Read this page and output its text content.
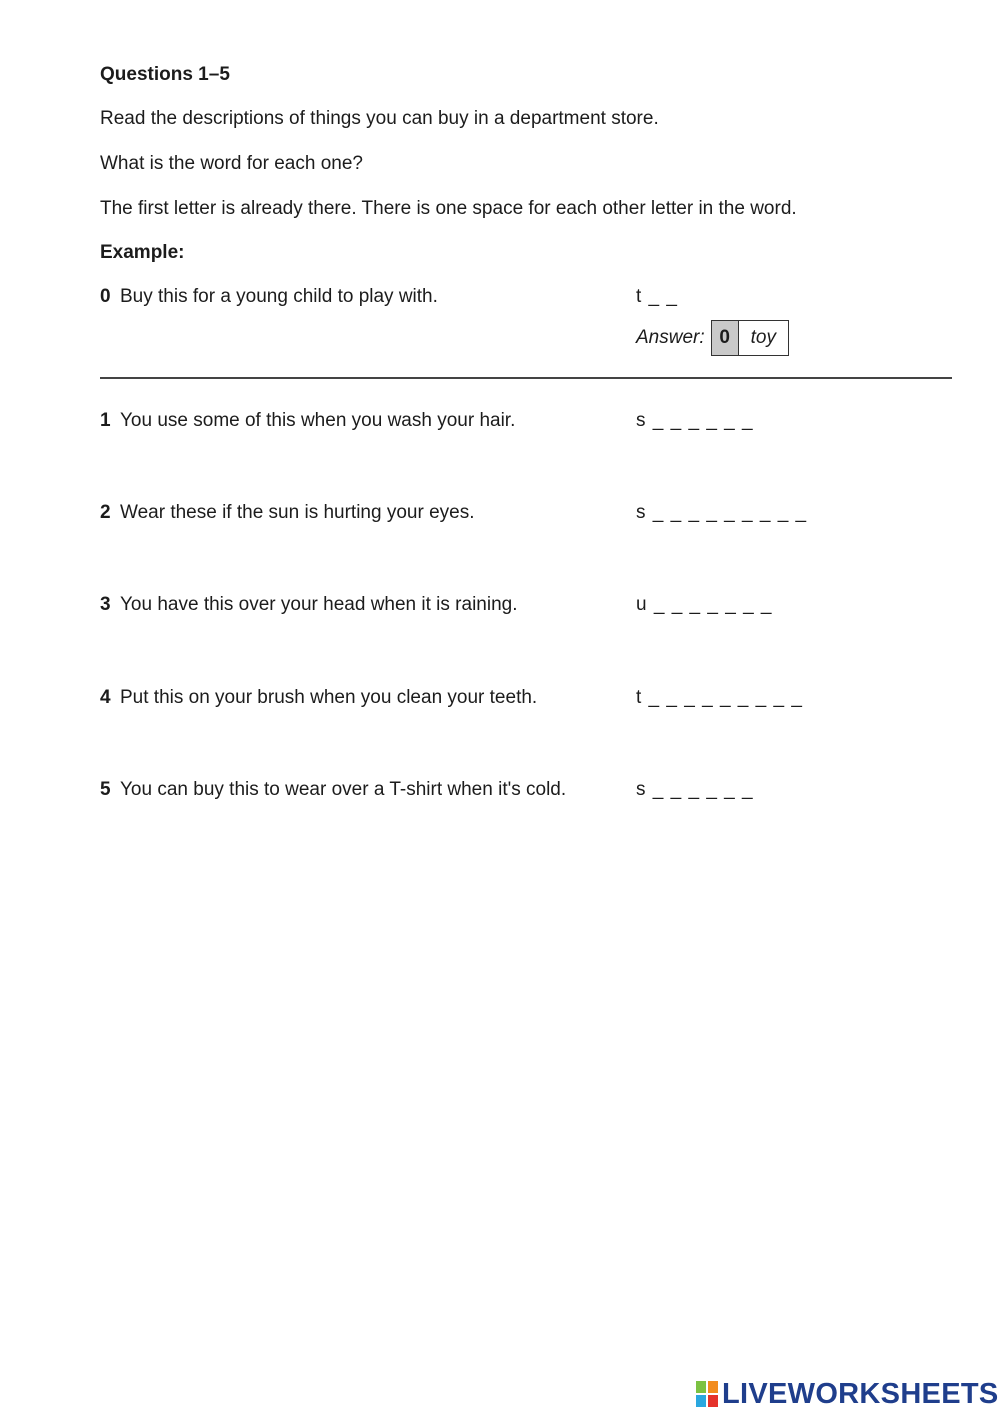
Questions 1–5
Read the descriptions of things you can buy in a department store.
What is the word for each one?
The first letter is already there. There is one space for each other letter in the word.
Example:
0 Buy this for a young child to play with.	t _ _
Answer: 0	toy
1 You use some of this when you wash your hair.	s _ _ _ _ _ _
2 Wear these if the sun is hurting your eyes.	s _ _ _ _ _ _ _ _ _
3 You have this over your head when it is raining.	u _ _ _ _ _ _ _
4 Put this on your brush when you clean your teeth.	t _ _ _ _ _ _ _ _ _
5 You can buy this to wear over a T-shirt when it's cold.	s _ _ _ _ _ _
LIVEWORKSHEETS
